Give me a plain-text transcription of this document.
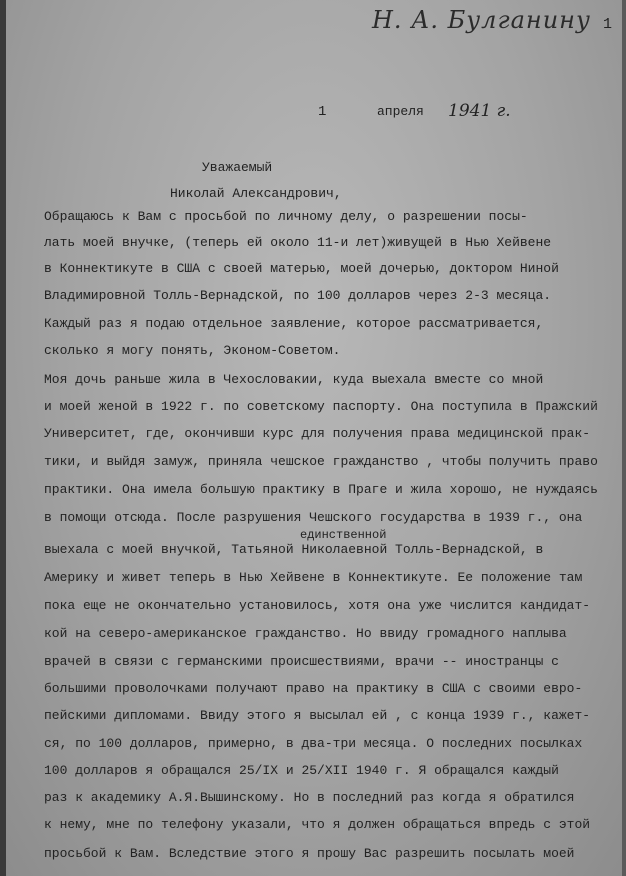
Н. А. Булганину 1
1	апреля 1941 г.
Уважаемый
Николай Александрович,
единственной
Обращаюсь к Вам с просьбой по личному делу, о разрешении посы-
лать моей внучке, (теперь ей около 11-и лет)живущей в Нью Хейвене
в Коннектикуте в США с своей матерью, моей дочерью, доктором Ниной
Владимировной Толль-Вернадской, по 100 долларов через 2-3 месяца.
Каждый раз я подаю отдельное заявление, которое рассматривается,
сколько я могу понять, Эконом-Советом.
Моя дочь раньше жила в Чехословакии, куда выехала вместе со мной
и моей женой в 1922 г. по советскому паспорту. Она поступила в Пражский
Университет, где, окончивши курс для получения права медицинской прак-
тики, и выйдя замуж, приняла чешское гражданство , чтобы получить право
практики. Она имела большую практику в Праге и жила хорошо, не нуждаясь
в помощи отсюда. После разрушения Чешского государства в 1939 г., она
выехала с моей внучкой, Татьяной Николаевной Толль-Вернадской, в
Америку и живет теперь в Нью Хейвене в Коннектикуте. Ее положение там
пока еще не окончательно установилось, хотя она уже числится кандидат-
кой на северо-американское гражданство. Но ввиду громадного наплыва
врачей в связи с германскими происшествиями, врачи -- иностранцы с
большими проволочками получают право на практику в США с своими евро-
пейскими дипломами. Ввиду этого я высылал ей , с конца 1939 г., кажет-
ся, по 100 долларов, примерно, в два-три месяца. О последних посылках
100 долларов я обращался 25/IX и 25/XII 1940 г. Я обращался каждый
раз к академику А.Я.Вышинскому. Но в последний раз когда я обратился
к нему, мне по телефону указали, что я должен обращаться впредь с этой
просьбой к Вам. Вследствие этого я прошу Вас разрешить посылать моей
